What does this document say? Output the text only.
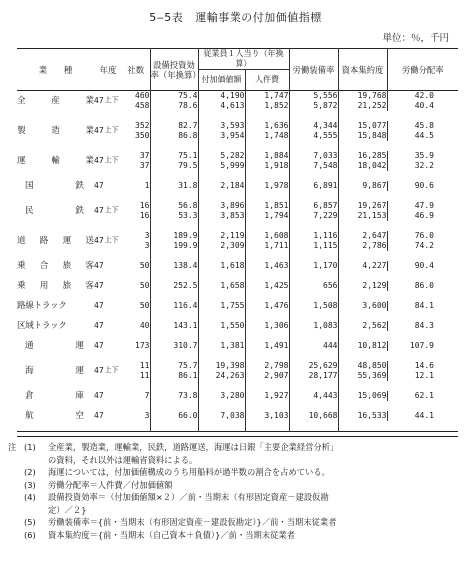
5‒5表 運輸事業の付加価値指標
単位：％，千円
業　　種	年度	社数	設備投資効率（年換算）	従業員１人当り（年換算）		労働装備率	資本集約度	労働分配率
				付加価値額	人件費			
全産業	47上下	460	75.4	4,190	1,747	5,556	19,768	42.0
		458	78.6	4,613	1,852	5,872	21,252	40.4

製造業	47上下	352	82.7	3,593	1,636	4,344	15,077	45.8
		350	86.8	3,954	1,748	4,555	15,848	44.5

運輸業	47上下	37	75.1	5,282	1,884	7,033	16,285	35.9
		37	79.5	5,999	1,918	7,548	18,042	32.2

国鉄	47	1	31.8	2,184	1,978	6,891	9,867	90.6

民鉄	47上下	16	56.8	3,896	1,851	6,857	19,267	47.9
		16	53.3	3,853	1,794	7,229	21,153	46.9

道路運送	47上下	3	189.9	2,119	1,608	1,116	2,647	76.0
		3	199.9	2,309	1,711	1,115	2,786	74.2

乗合旅客	47	50	138.4	1,618	1,463	1,170	4,227	90.4

乗用旅客	47	50	252.5	1,658	1,425	656	2,129	86.0

路線トラック	47	50	116.4	1,755	1,476	1,508	3,600	84.1

区域トラック	47	40	143.1	1,550	1,306	1,083	2,562	84.3

通運	47	173	310.7	1,381	1,491	444	10,812	107.9

海運	47上下	11	75.7	19,398	2,798	25,629	48,850	14.6
		11	86.1	24,263	2,907	28,177	55,369	12.1

倉庫	47	7	73.8	3,280	1,927	4,443	15,069	62.1

航空	47	3	66.0	7,038	3,103	10,668	16,533	44.1

注 (1) 全産業，製造業，運輸業，民鉄，道路運送，海運は日銀「主要企業経営分析」
の資料，それ以外は運輸省資料による。
(2) 海運については，付加価値構成のうち用船料が過半数の割合を占めている。
(3) 労働分配率＝人件費／付加価値額
(4) 設備投資効率＝（付加価値額×２）／前・当期末（有形固定資産－建設仮勘
定）／２}
(5) 労働装備率＝{前・当期末（有形固定資産－建設仮勘定）}／前・当期末従業者
(6) 資本集約度＝{前・当期末（自己資本＋負債）}／前・当期末従業者
